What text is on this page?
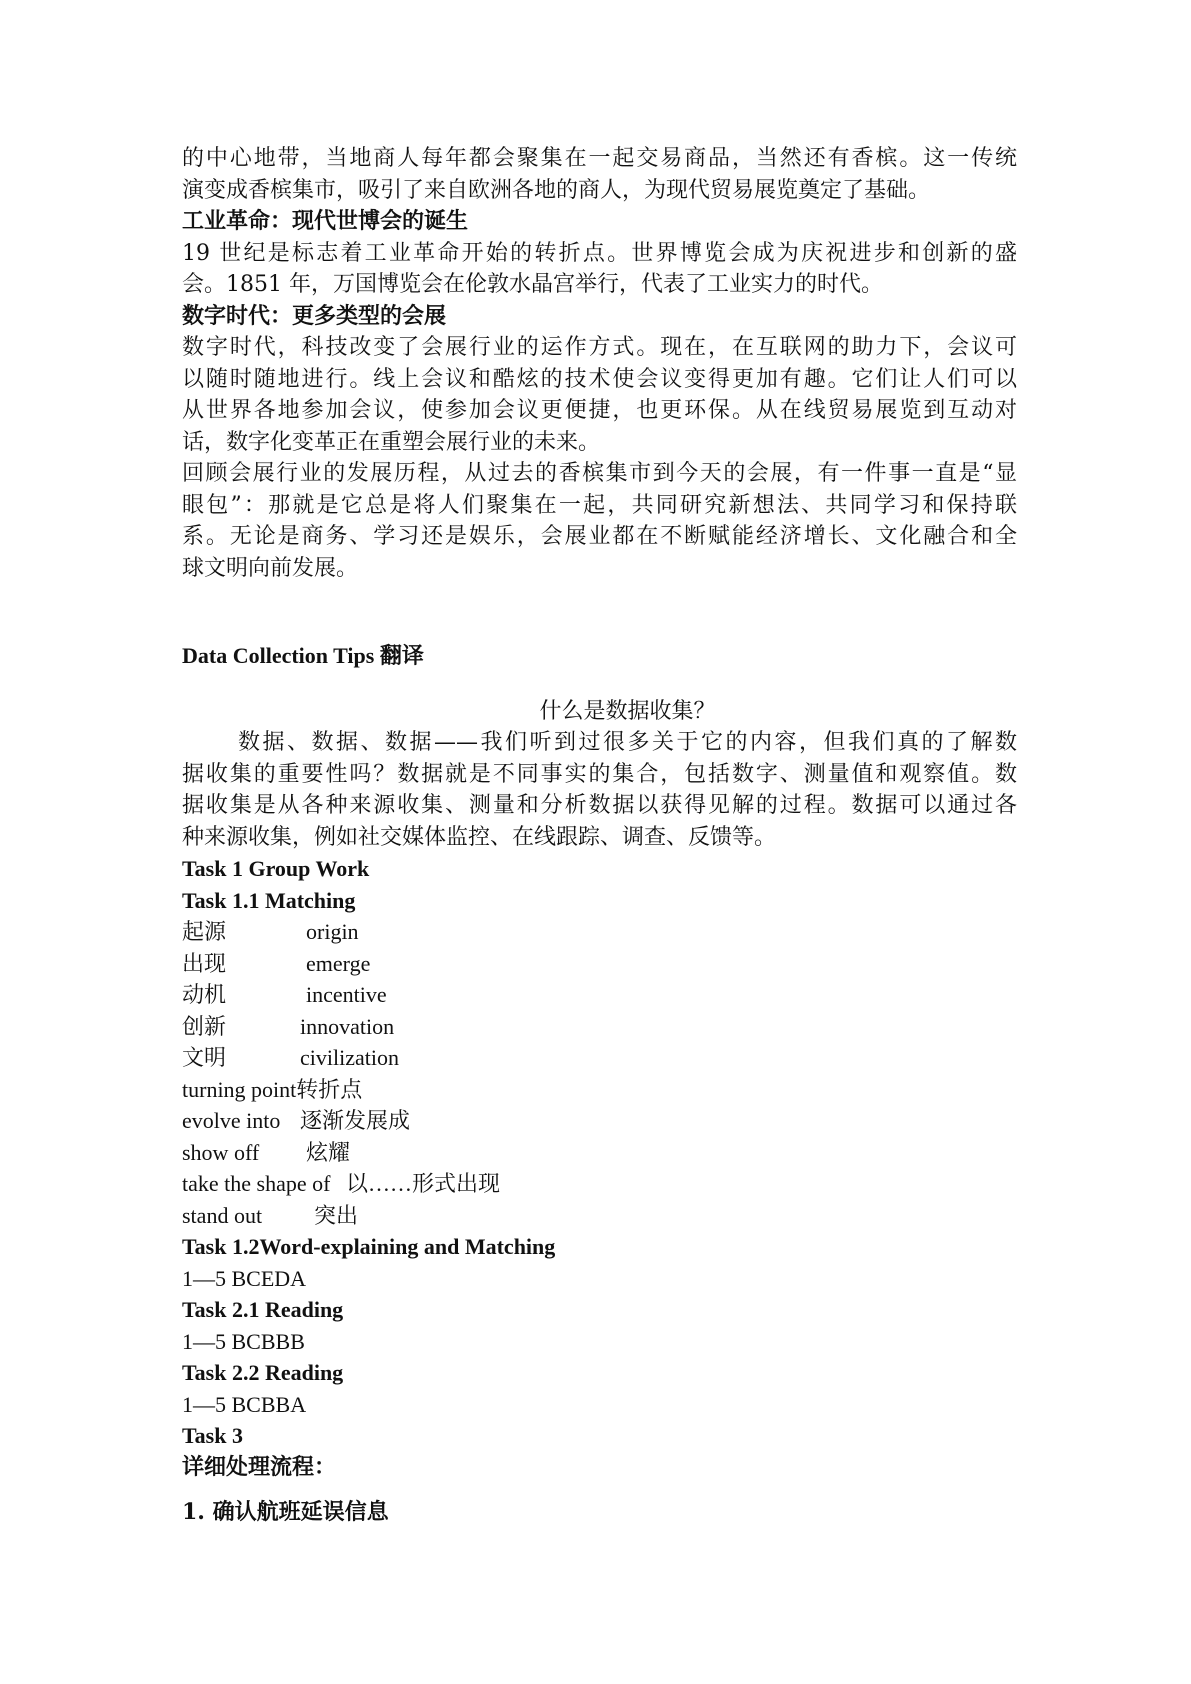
的中心地带，当地商人每年都会聚集在一起交易商品，当然还有香槟。这一传统
演变成香槟集市，吸引了来自欧洲各地的商人，为现代贸易展览奠定了基础。
工业革命：现代世博会的诞生
19 世纪是标志着工业革命开始的转折点。世界博览会成为庆祝进步和创新的盛
会。1851 年，万国博览会在伦敦水晶宫举行，代表了工业实力的时代。
数字时代：更多类型的会展
数字时代，科技改变了会展行业的运作方式。现在，在互联网的助力下，会议可
以随时随地进行。线上会议和酷炫的技术使会议变得更加有趣。它们让人们可以
从世界各地参加会议，使参加会议更便捷，也更环保。从在线贸易展览到互动对
话，数字化变革正在重塑会展行业的未来。
回顾会展行业的发展历程，从过去的香槟集市到今天的会展，有一件事一直是“显
眼包”：那就是它总是将人们聚集在一起，共同研究新想法、共同学习和保持联
系。无论是商务、学习还是娱乐，会展业都在不断赋能经济增长、文化融合和全
球文明向前发展。
Data Collection Tips 翻译
什么是数据收集？
数据、数据、数据——我们听到过很多关于它的内容，但我们真的了解数
据收集的重要性吗？数据就是不同事实的集合，包括数字、测量值和观察值。数
据收集是从各种来源收集、测量和分析数据以获得见解的过程。数据可以通过各
种来源收集，例如社交媒体监控、在线跟踪、调查、反馈等。
Task 1 Group Work
Task 1.1 Matching
起源	origin
出现	emerge
动机	incentive
创新	innovation
文明	civilization
turning point 转折点
evolve into 逐渐发展成
show off	炫耀
take the shape of 以……形式出现
stand out	突出
Task 1.2Word-explaining and Matching
1—5 BCEDA
Task 2.1 Reading
1—5 BCBBB
Task 2.2 Reading
1—5 BCBBA
Task 3
详细处理流程：
1. 确认航班延误信息
